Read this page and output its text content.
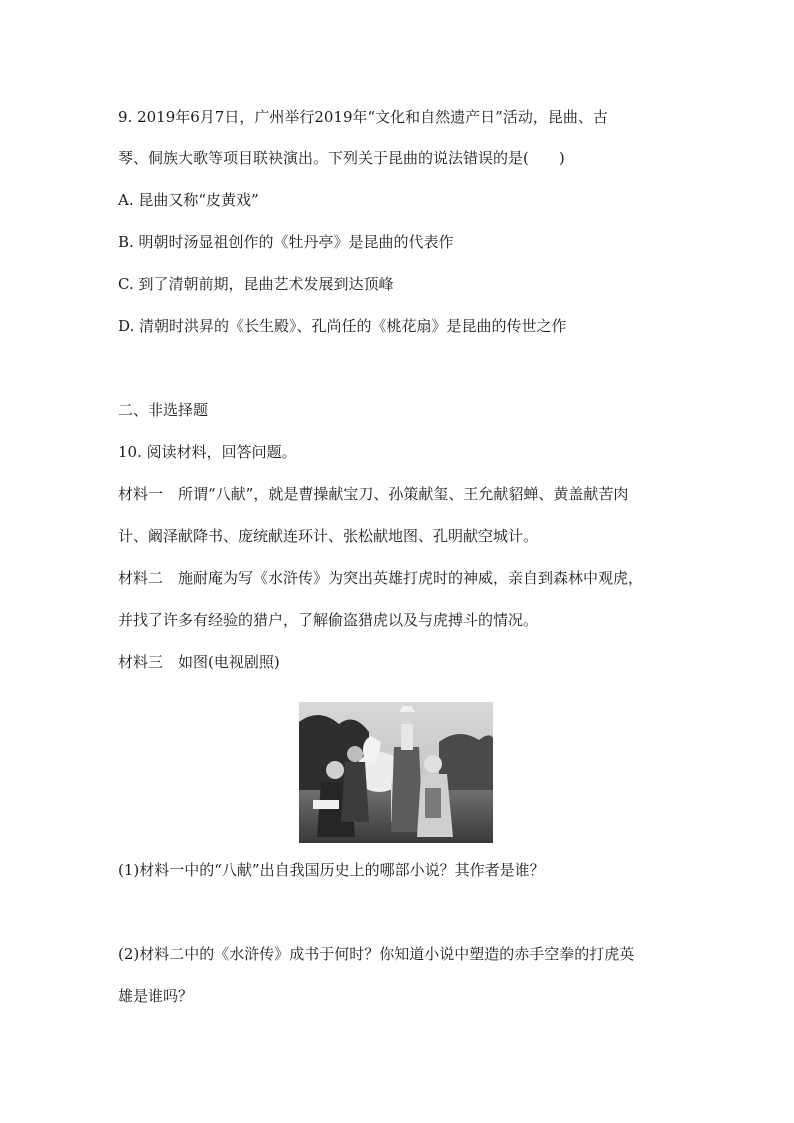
9. 2019年6月7日，广州举行2019年“文化和自然遗产日”活动，昆曲、古
琴、侗族大歌等项目联袂演出。下列关于昆曲的说法错误的是(　　)
A. 昆曲又称“皮黄戏”
B. 明朝时汤显祖创作的《牡丹亭》是昆曲的代表作
C. 到了清朝前期，昆曲艺术发展到达顶峰
D. 清朝时洪昇的《长生殿》、孔尚任的《桃花扇》是昆曲的传世之作
二、非选择题
10. 阅读材料，回答问题。
材料一　所谓“八献”，就是曹操献宝刀、孙策献玺、王允献貂蝉、黄盖献苦肉
计、阚泽献降书、庞统献连环计、张松献地图、孔明献空城计。
材料二　施耐庵为写《水浒传》为突出英雄打虎时的神威，亲自到森林中观虎，
并找了许多有经验的猎户，了解偷盗猎虎以及与虎搏斗的情况。
材料三　如图(电视剧照)
(1)材料一中的“八献”出自我国历史上的哪部小说？其作者是谁？
(2)材料二中的《水浒传》成书于何时？你知道小说中塑造的赤手空拳的打虎英
雄是谁吗？
